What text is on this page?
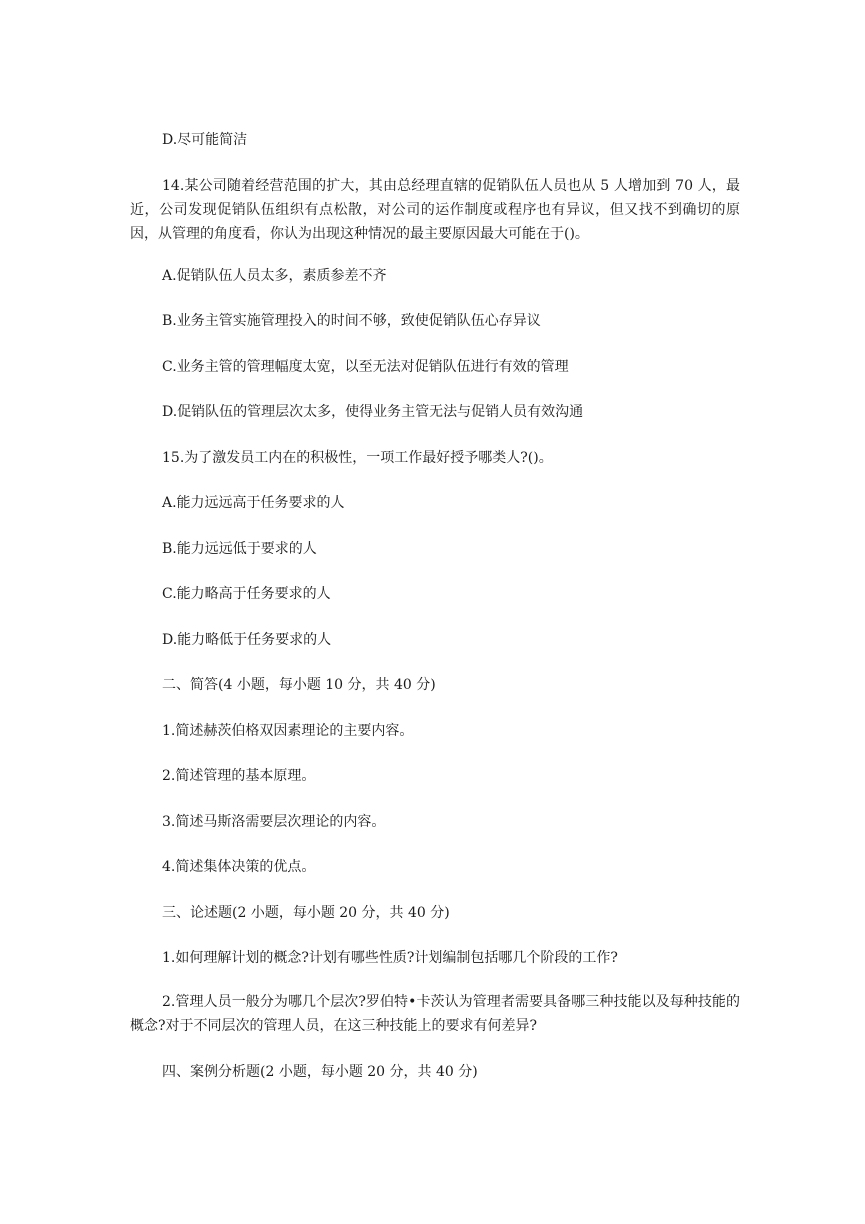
D.尽可能简洁
14.某公司随着经营范围的扩大，其由总经理直辖的促销队伍人员也从 5 人增加到 70 人，最近，公司发现促销队伍组织有点松散，对公司的运作制度或程序也有异议，但又找不到确切的原因，从管理的角度看，你认为出现这种情况的最主要原因最大可能在于()。
A.促销队伍人员太多，素质参差不齐
B.业务主管实施管理投入的时间不够，致使促销队伍心存异议
C.业务主管的管理幅度太宽，以至无法对促销队伍进行有效的管理
D.促销队伍的管理层次太多，使得业务主管无法与促销人员有效沟通
15.为了激发员工内在的积极性，一项工作最好授予哪类人?()。
A.能力远远高于任务要求的人
B.能力远远低于要求的人
C.能力略高于任务要求的人
D.能力略低于任务要求的人
二、简答(4 小题，每小题 10 分，共 40 分)
1.简述赫茨伯格双因素理论的主要内容。
2.简述管理的基本原理。
3.简述马斯洛需要层次理论的内容。
4.简述集体决策的优点。
三、论述题(2 小题，每小题 20 分，共 40 分)
1.如何理解计划的概念?计划有哪些性质?计划编制包括哪几个阶段的工作?
2.管理人员一般分为哪几个层次?罗伯特•卡茨认为管理者需要具备哪三种技能以及每种技能的概念?对于不同层次的管理人员，在这三种技能上的要求有何差异?
四、案例分析题(2 小题，每小题 20 分，共 40 分)
